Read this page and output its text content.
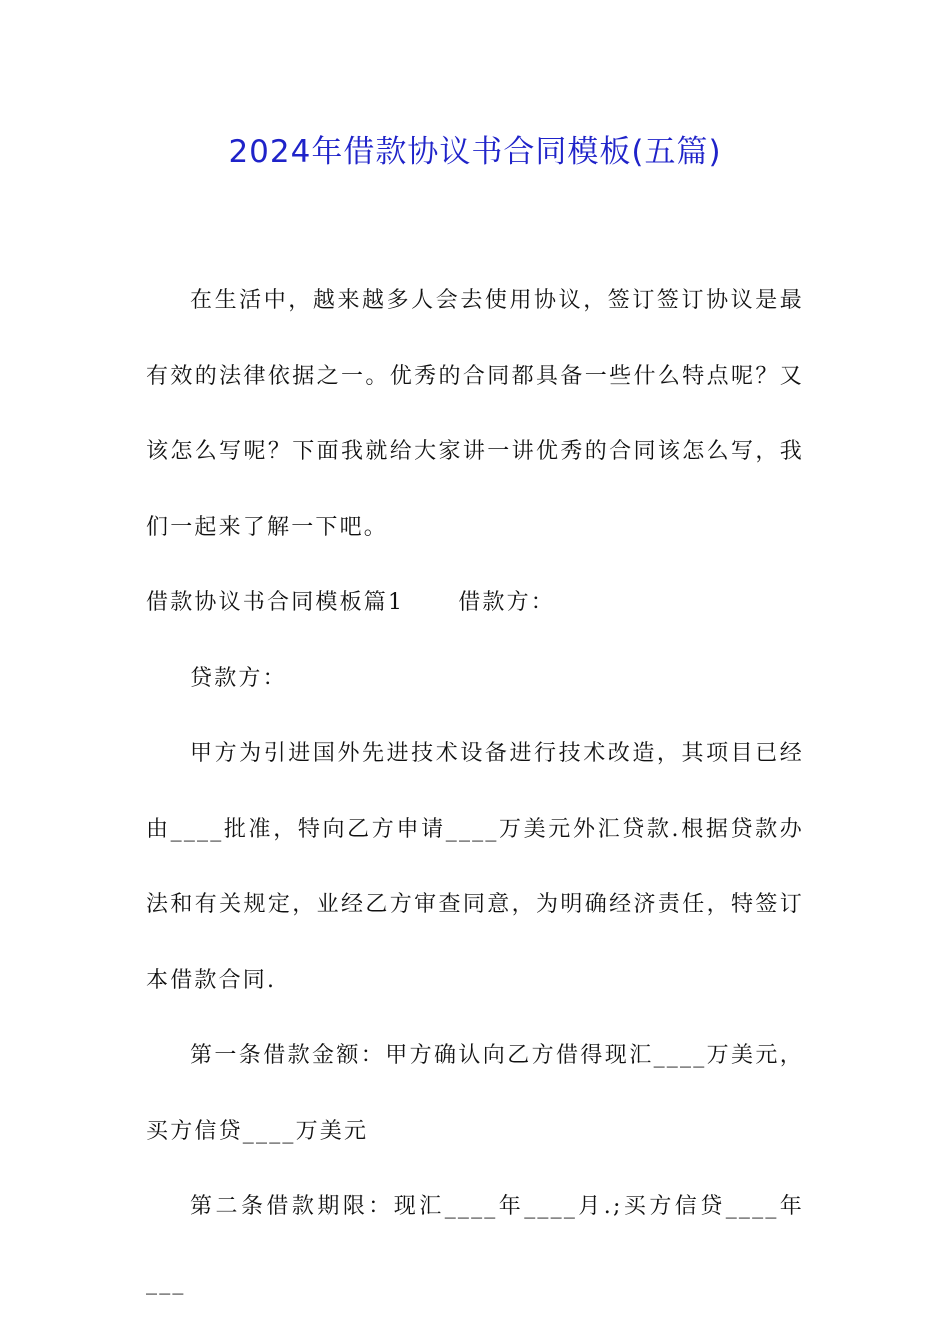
2024年借款协议书合同模板(五篇)

在生活中，越来越多人会去使用协议，签订签订协议是最有效的法律依据之一。优秀的合同都具备一些什么特点呢？又该怎么写呢？下面我就给大家讲一讲优秀的合同该怎么写，我们一起来了解一下吧。

借款协议书合同模板篇1 借款方：

贷款方：

甲方为引进国外先进技术设备进行技术改造，其项目已经由____批准，特向乙方申请____万美元外汇贷款.根据贷款办法和有关规定，业经乙方审查同意，为明确经济责任，特签订本借款合同.

第一条借款金额：甲方确认向乙方借得现汇____万美元，买方信贷____万美元

第二条借款期限：现汇____年____月.;买方信贷____年___
